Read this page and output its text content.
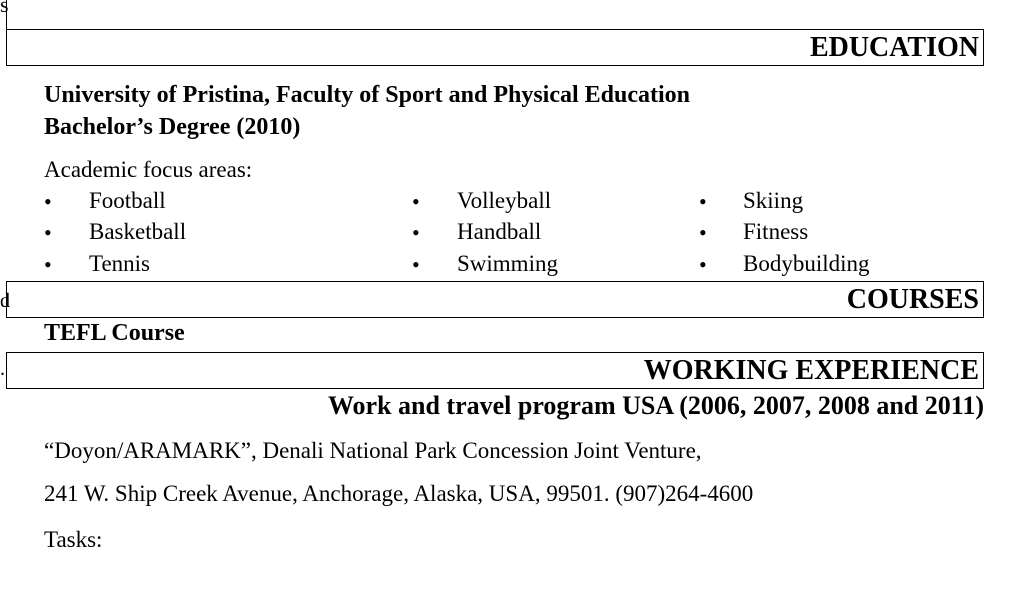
s
d
.
EDUCATION
University of Pristina, Faculty of Sport and Physical Education
Bachelor’s Degree (2010)
Academic focus areas:
• Football
• Basketball
• Tennis
• Volleyball
• Handball
• Swimming
• Skiing
• Fitness
• Bodybuilding
COURSES
TEFL Course
WORKING EXPERIENCE
Work and travel program USA (2006, 2007, 2008 and 2011)
“Doyon/ARAMARK”, Denali National Park Concession Joint Venture,
241 W. Ship Creek Avenue, Anchorage, Alaska, USA, 99501. (907)264-4600
Tasks:
